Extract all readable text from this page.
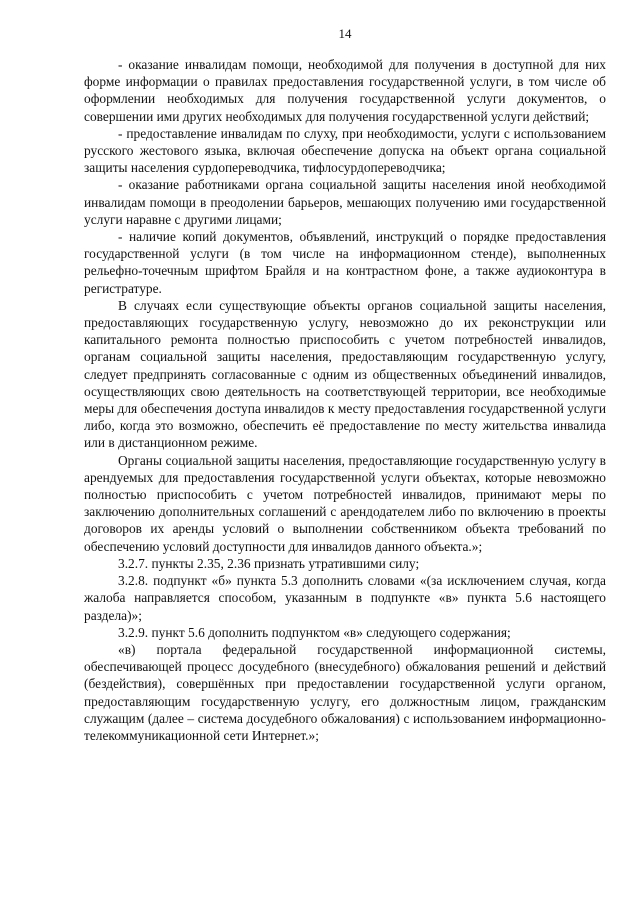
14

- оказание инвалидам помощи, необходимой для получения в доступной для них форме информации о правилах предоставления государственной услуги, в том числе об оформлении необходимых для получения государственной услуги документов, о совершении ими других необходимых для получения государственной услуги действий;

- предоставление инвалидам по слуху, при необходимости, услуги с использованием русского жестового языка, включая обеспечение допуска на объект органа социальной защиты населения сурдопереводчика, тифлосурдопереводчика;

- оказание работниками органа социальной защиты населения иной необходимой инвалидам помощи в преодолении барьеров, мешающих получению ими государственной услуги наравне с другими лицами;

- наличие копий документов, объявлений, инструкций о порядке предоставления государственной услуги (в том числе на информационном стенде), выполненных рельефно-точечным шрифтом Брайля и на контрастном фоне, а также аудиоконтура в регистратуре.

В случаях если существующие объекты органов социальной защиты населения, предоставляющих государственную услугу, невозможно до их реконструкции или капитального ремонта полностью приспособить с учетом потребностей инвалидов, органам социальной защиты населения, предоставляющим государственную услугу, следует предпринять согласованные с одним из общественных объединений инвалидов, осуществляющих свою деятельность на соответствующей территории, все необходимые меры для обеспечения доступа инвалидов к месту предоставления государственной услуги либо, когда это возможно, обеспечить её предоставление по месту жительства инвалида или в дистанционном режиме.

Органы социальной защиты населения, предоставляющие государственную услугу в арендуемых для предоставления государственной услуги объектах, которые невозможно полностью приспособить с учетом потребностей инвалидов, принимают меры по заключению дополнительных соглашений с арендодателем либо по включению в проекты договоров их аренды условий о выполнении собственником объекта требований по обеспечению условий доступности для инвалидов данного объекта.»;

3.2.7. пункты 2.35, 2.36 признать утратившими силу;

3.2.8. подпункт «б» пункта 5.3 дополнить словами «(за исключением случая, когда жалоба направляется способом, указанным в подпункте «в» пункта 5.6 настоящего раздела)»;

3.2.9. пункт 5.6 дополнить подпунктом «в» следующего содержания;

«в) портала федеральной государственной информационной системы, обеспечивающей процесс досудебного (внесудебного) обжалования решений и действий (бездействия), совершённых при предоставлении государственной услуги органом, предоставляющим государственную услугу, его должностным лицом, гражданским служащим (далее – система досудебного обжалования) с использованием информационно-телекоммуникационной сети Интернет.»;
